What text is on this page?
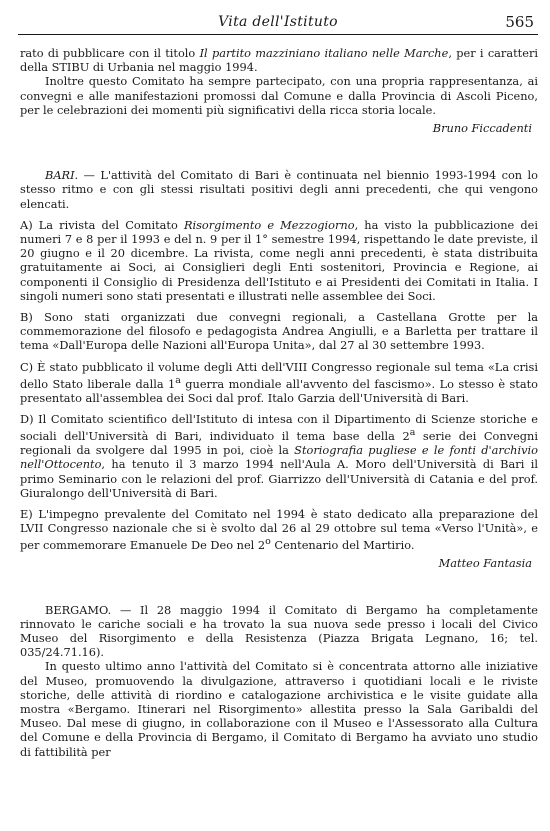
Vita dell'Istituto	565

rato di pubblicare con il titolo Il partito mazziniano italiano nelle Marche, per i caratteri della STIBU di Urbania nel maggio 1994.

Inoltre questo Comitato ha sempre partecipato, con una propria rappresentanza, ai convegni e alle manifestazioni promossi dal Comune e dalla Provincia di Ascoli Piceno, per le celebrazioni dei momenti più significativi della ricca storia locale.

Bruno Ficcadenti

BARI. — L'attività del Comitato di Bari è continuata nel biennio 1993-1994 con lo stesso ritmo e con gli stessi risultati positivi degli anni precedenti, che qui vengono elencati.

A) La rivista del Comitato Risorgimento e Mezzogiorno, ha visto la pubblicazione dei numeri 7 e 8 per il 1993 e del n. 9 per il 1° semestre 1994, rispettando le date previste, il 20 giugno e il 20 dicembre. La rivista, come negli anni precedenti, è stata distribuita gratuitamente ai Soci, ai Consiglieri degli Enti sostenitori, Provincia e Regione, ai componenti il Consiglio di Presidenza dell'Istituto e ai Presidenti dei Comitati in Italia. I singoli numeri sono stati presentati e illustrati nelle assemblee dei Soci.

B) Sono stati organizzati due convegni regionali, a Castellana Grotte per la commemorazione del filosofo e pedagogista Andrea Angiulli, e a Barletta per trattare il tema «Dall'Europa delle Nazioni all'Europa Unita», dal 27 al 30 settembre 1993.

C) È stato pubblicato il volume degli Atti dell'VIII Congresso regionale sul tema «La crisi dello Stato liberale dalla 1$^a$ guerra mondiale all'avvento del fascismo». Lo stesso è stato presentato all'assemblea dei Soci dal prof. Italo Garzia dell'Università di Bari.

D) Il Comitato scientifico dell'Istituto di intesa con il Dipartimento di Scienze storiche e sociali dell'Università di Bari, individuato il tema base della 2$^a$ serie dei Convegni regionali da svolgere dal 1995 in poi, cioè la Storiografia pugliese e le fonti d'archivio nell'Ottocento, ha tenuto il 3 marzo 1994 nell'Aula A. Moro dell'Università di Bari il primo Seminario con le relazioni del prof. Giarrizzo dell'Università di Catania e del prof. Giuralongo dell'Università di Bari.

E) L'impegno prevalente del Comitato nel 1994 è stato dedicato alla preparazione del LVII Congresso nazionale che si è svolto dal 26 al 29 ottobre sul tema «Verso l'Unità», e per commemorare Emanuele De Deo nel 2$^o$ Centenario del Martirio.

Matteo Fantasia

BERGAMO. — Il 28 maggio 1994 il Comitato di Bergamo ha completamente rinnovato le cariche sociali e ha trovato la sua nuova sede presso i locali del Civico Museo del Risorgimento e della Resistenza (Piazza Brigata Legnano, 16; tel. 035/24.71.16).

In questo ultimo anno l'attività del Comitato si è concentrata attorno alle iniziative del Museo, promuovendo la divulgazione, attraverso i quotidiani locali e le riviste storiche, delle attività di riordino e catalogazione archivistica e le visite guidate alla mostra «Bergamo. Itinerari nel Risorgimento» allestita presso la Sala Garibaldi del Museo. Dal mese di giugno, in collaborazione con il Museo e l'Assessorato alla Cultura del Comune e della Provincia di Bergamo, il Comitato di Bergamo ha avviato uno studio di fattibilità per
